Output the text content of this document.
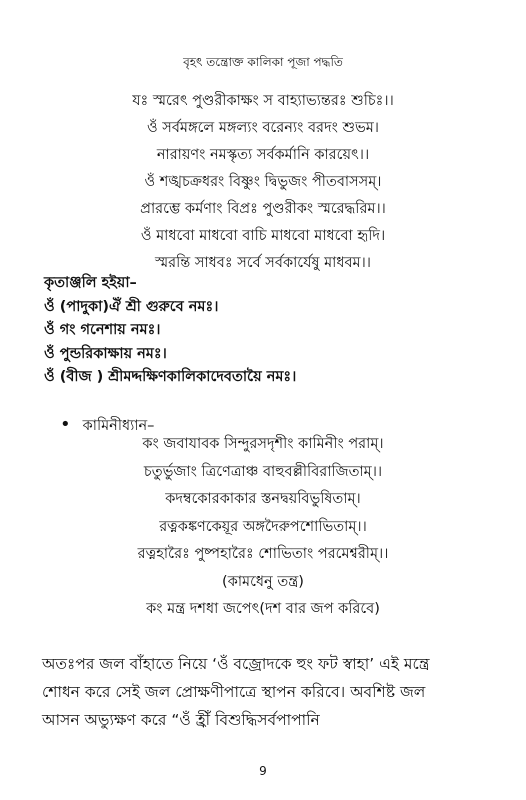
বৃহৎ তন্ত্রোক্ত কালিকা পূজা পদ্ধতি
যঃ স্মরেৎ পুণ্ডরীকাক্ষং স বাহ্যাভ্যন্তরঃ শুচিঃ।।
ওঁ সর্বমঙ্গলে মঙ্গল্যং বরেন্যং বরদং শুভম।
নারায়ণং নমস্কৃত্য সর্বকর্মানি কারয়েৎ।।
ওঁ শঙ্খচক্রধরং বিষ্ণুং দ্বিভুজং পীতবাসসম্।
প্রারম্ভে কর্মণাং বিপ্রঃ পুণ্ডরীকং স্মরেদ্ধরিম।।
ওঁ মাধবো মাধবো বাচি মাধবো মাধবো হৃদি।
স্মরন্তি সাধবঃ সর্বে সর্বকার্যেষু মাধবম।।
কৃতাঞ্জলি হইয়া–
ওঁ (পাদুকা)ঐঁ শ্রী গুরুবে নমঃ।
ওঁ গং গনেশায় নমঃ।
ওঁ পুন্ডরিকাক্ষায় নমঃ।
ওঁ (বীজ ) শ্রীমদ্দক্ষিণকালিকাদেবতায়ৈ নমঃ।
• কামিনীধ্যান–
কং জবাযাবক সিন্দুরসদৃশীং কামিনীং পরাম্।
চতুর্ভুজাং ত্রিণেত্রাঞ্চ বাহুবল্লীবিরাজিতাম্।।
কদম্বকোরকাকার স্তনদ্বয়বিভুষিতাম্।
রত্নকঙ্কণকেয়ূর অঙ্গদৈরুপশোভিতাম্।।
রত্নহারৈঃ পুষ্পহারৈঃ শোভিতাং পরমেশ্বরীম্।।
(কামধেনু তন্ত্র)
কং মন্ত্র দশধা জপেৎ(দশ বার জপ করিবে)
অতঃপর জল বাঁহাতে নিয়ে ‘ওঁ বজ্রোদকে হুং ফট স্বাহা’ এই মন্ত্রে
শোধন করে সেই জল প্রোক্ষণীপাত্রে স্থাপন করিবে। অবশিষ্ট জল
আসন অভ্যুক্ষণ করে “ওঁ হ্রীঁ বিশুদ্ধিসর্বপাপানি
9
